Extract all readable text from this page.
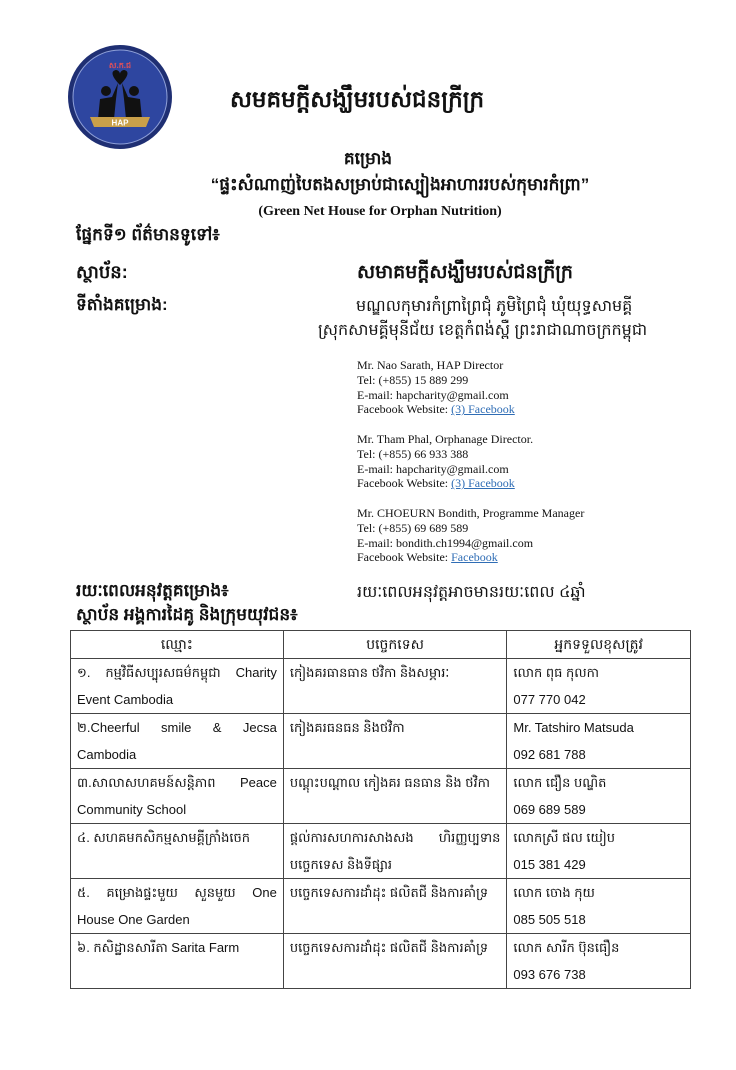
ស.ក.ជ
HAP
សមគមក្ដីសង្ឃឹមរបស់ជនក្រីក្រ
គម្រោង
“ផ្ទះសំណាញ់បៃតងសម្រាប់ជាស្បៀងអាហាររបស់កុមារកំព្រា”
(Green Net House for Orphan Nutrition)
ផ្នែកទី១ ព័ត៌មានទូទៅ៖
ស្ថាប័ន:	សមាគមក្ដីសង្ឃឹមរបស់ជនក្រីក្រ
ទីតាំងគម្រោង:	មណ្ឌលកុមារកំព្រាព្រៃជុំ ភូមិព្រៃជុំ ឃុំយុទ្ធសាមគ្គី
ស្រុកសាមគ្គីមុនីជ័យ ខេត្តកំពង់ស្ពឺ ព្រះរាជាណាចក្រកម្ពុជា
Mr. Nao Sarath, HAP Director
Tel: (+855) 15 889 299
E-mail: hapcharity@gmail.com
Facebook Website: (3) Facebook
Mr. Tham Phal, Orphanage Director.
Tel: (+855) 66 933 388
E-mail: hapcharity@gmail.com
Facebook Website: (3) Facebook
Mr. CHOEURN Bondith, Programme Manager
Tel: (+855) 69 689 589
E-mail: bondith.ch1994@gmail.com
Facebook Website: Facebook
រយៈពេលអនុវត្តគម្រោង៖	រយៈពេលអនុវត្តអាចមានរយៈពេល ៤ឆ្នាំ
ស្ថាប័ន អង្គការដៃគូ និងក្រុមយុវជន៖
ឈ្មោះ	បច្ចេកទេស	អ្នកទទួលខុសត្រូវ
១. កម្មវិធីសប្បុរសធម៌កម្ពុជា Charity Event Cambodia	កៀងគរធានធាន ថវិកា និងសម្ភារៈ	លោក ពុធ កុលកា
077 770 042

២.Cheerful smile & Jecsa Cambodia	កៀងគរធនធន និងថវិកា	Mr. Tatshiro Matsuda
092 681 788

៣.សាលាសហគមន៍សន្តិភាព Peace Community School	បណ្ដុះបណ្ដាល កៀងគរ ធនធាន និង ថវិកា	លោក ជឿន បណ្ឌិត
069 689 589

៤. សហគមកសិកម្មសាមគ្គីក្រាំងចេក	ផ្ដល់ការសហការសាងសង ហិរញ្ញប្បទាន បច្ចេកទេស និងទីផ្សារ	លោកស្រី ផល យៀប
015 381 429

៥. គម្រោងផ្ទះមួយ សួនមួយ One House One Garden	បច្ចេកទេសការដាំដុះ ផលិតជី និងការគាំទ្រ	លោក ចោង កុយ
085 505 518

៦. កសិដ្ឋានសារីតា Sarita Farm	បច្ចេកទេសការដាំដុះ ផលិតជី និងការគាំទ្រ	លោក សារីក ប៊ុនធឿន
093 676 738
